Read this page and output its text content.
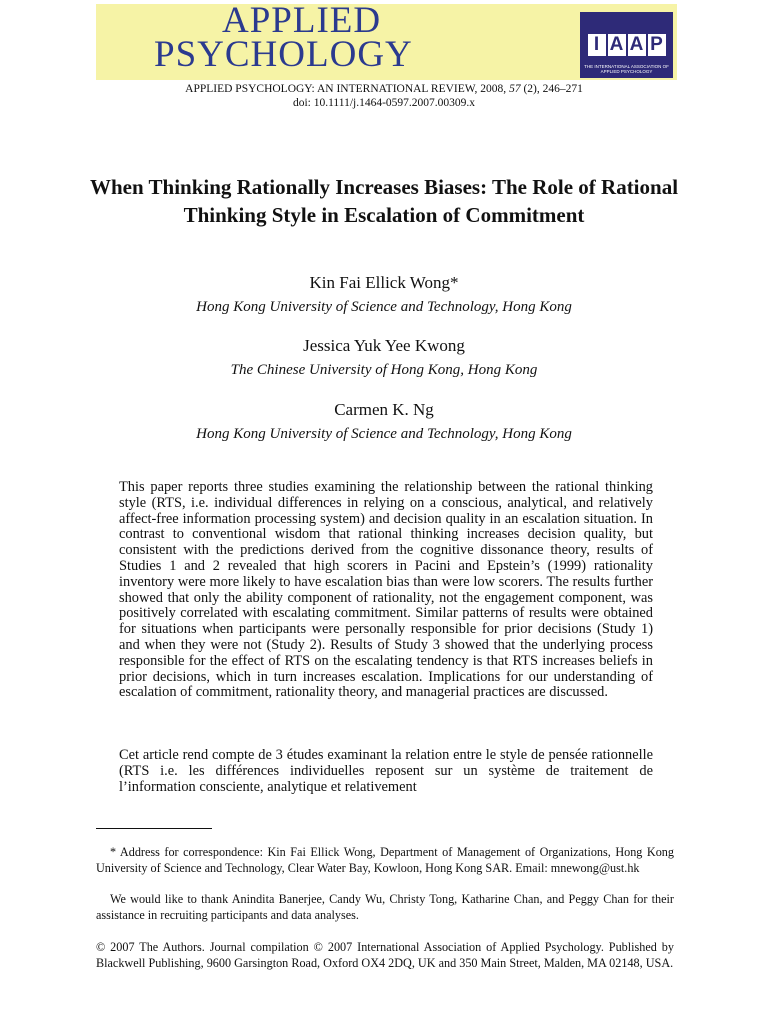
APPLIED
PSYCHOLOGY	I A A P
THE INTERNATIONAL ASSOCIATION OF APPLIED PSYCHOLOGY
APPLIED PSYCHOLOGY: AN INTERNATIONAL REVIEW, 2008, 57 (2), 246–271
doi: 10.1111/j.1464-0597.2007.00309.x
When Thinking Rationally Increases Biases: The Role of Rational Thinking Style in Escalation of Commitment
Kin Fai Ellick Wong*
Hong Kong University of Science and Technology, Hong Kong
Jessica Yuk Yee Kwong
The Chinese University of Hong Kong, Hong Kong
Carmen K. Ng
Hong Kong University of Science and Technology, Hong Kong

This paper reports three studies examining the relationship between the rational thinking style (RTS, i.e. individual differences in relying on a conscious, analytical, and relatively affect-free information processing system) and decision quality in an escalation situation. In contrast to conventional wisdom that rational thinking increases decision quality, but consistent with the predictions derived from the cognitive dissonance theory, results of Studies 1 and 2 revealed that high scorers in Pacini and Epstein’s (1999) rationality inventory were more likely to have escalation bias than were low scorers. The results further showed that only the ability component of rationality, not the engagement component, was positively correlated with escalating commitment. Similar patterns of results were obtained for situations when participants were personally responsible for prior decisions (Study 1) and when they were not (Study 2). Results of Study 3 showed that the underlying process responsible for the effect of RTS on the escalating tendency is that RTS increases beliefs in prior decisions, which in turn increases escalation. Implications for our understanding of escalation of commitment, rationality theory, and managerial practices are discussed.

Cet article rend compte de 3 études examinant la relation entre le style de pensée rationnelle (RTS i.e. les différences individuelles reposent sur un système de traitement de l’information consciente, analytique et relativement

* Address for correspondence: Kin Fai Ellick Wong, Department of Management of Organizations, Hong Kong University of Science and Technology, Clear Water Bay, Kowloon, Hong Kong SAR. Email: mnewong@ust.hk

We would like to thank Anindita Banerjee, Candy Wu, Christy Tong, Katharine Chan, and Peggy Chan for their assistance in recruiting participants and data analyses.

© 2007 The Authors. Journal compilation © 2007 International Association of Applied Psychology. Published by Blackwell Publishing, 9600 Garsington Road, Oxford OX4 2DQ, UK and 350 Main Street, Malden, MA 02148, USA.
